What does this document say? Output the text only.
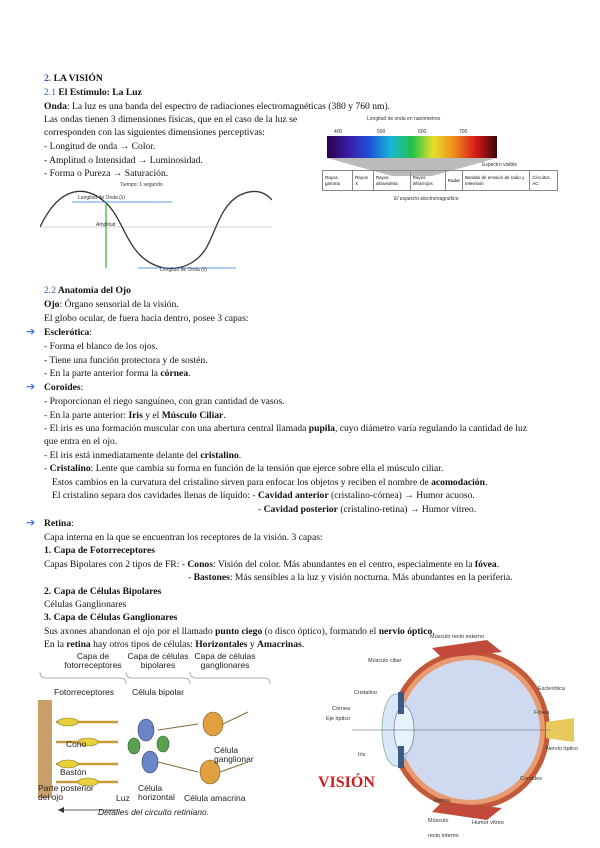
2. LA VISIÓN
2.1 El Estímulo: La Luz
Onda: La luz es una banda del espectro de radiaciones electromagnéticas (380 y 760 nm).
Las ondas tienen 3 dimensiones físicas, que en el caso de la luz se
corresponden con las siguientes dimensiones perceptivas:
- Longitud de onda → Color.
- Amplitud o Intensidad → Luminosidad.
- Forma o Pureza → Saturación.
Tiempo: 1 segundo
Longitud de Onda (λ)
Amplitud
Longitud de Onda (λ)
Longitud de onda en nanómetros
400	500	600	700
Espectro visible
Rayos gamma	Rayos X	Rayos ultravioleta	Rayos infrarrojos	Radar	Bandas de emisión de radio y televisión	Circuitos AC
El espectro electromagnético
2.2 Anatomía del Ojo
Ojo: Órgano sensorial de la visión.
El globo ocular, de fuera hacia dentro, posee 3 capas:
➔ Esclerótica:
- Forma el blanco de los ojos.
- Tiene una función protectora y de sostén.
- En la parte anterior forma la córnea.
➔ Coroides:
- Proporcionan el riego sanguíneo, con gran cantidad de vasos.
- En la parte anterior: Iris y el Músculo Ciliar.
- El iris es una formación muscular con una abertura central llamada pupila, cuyo diámetro varía regulando la cantidad de luz
que entra en el ojo.
- El iris está inmediatamente delante del cristalino.
- Cristalino: Lente que cambia su forma en función de la tensión que ejerce sobre ella el músculo ciliar.
Estos cambios en la curvatura del cristalino sirven para enfocar los objetos y reciben el nombre de acomodación.
El cristalino separa dos cavidades llenas de líquido: - Cavidad anterior (cristalino-córnea) → Humor acuoso.
- Cavidad posterior (cristalino-retina) → Humor vítreo.
➔ Retina:
Capa interna en la que se encuentran los receptores de la visión. 3 capas:
1. Capa de Fotorreceptores
Capas Bipolares con 2 tipos de FR: - Conos: Visión del color. Más abundantes en el centro, especialmente en la fóvea.
- Bastones: Más sensibles a la luz y visión nocturna. Más abundantes en la periferia.
2. Capa de Células Bipolares
Células Ganglionares
3. Capa de Células Ganglionares
Sus axones abandonan el ojo por el llamado punto ciego (o disco óptico), formando el nervio óptico.
En la retina hay otros tipos de células: Horizontales y Amacrinas.
Capa de fotorreceptores
Capa de células bipolares
Capa de células ganglionares
Fotorreceptores Célula bipolar
Cono
Bastón
Célula ganglionar
Parte posterior del ojo	Luz
Célula horizontal	Célula amacrina
Detalles del circuito retiniano.
Músculo recto externo
Músculo ciliar
Cristalino
Córnea
Eje óptico
Iris
Esclerótica
Fóvea
Nervio óptico
Coroides
Retina
Músculo recto interno
Humor vítreo
VISIÓN
